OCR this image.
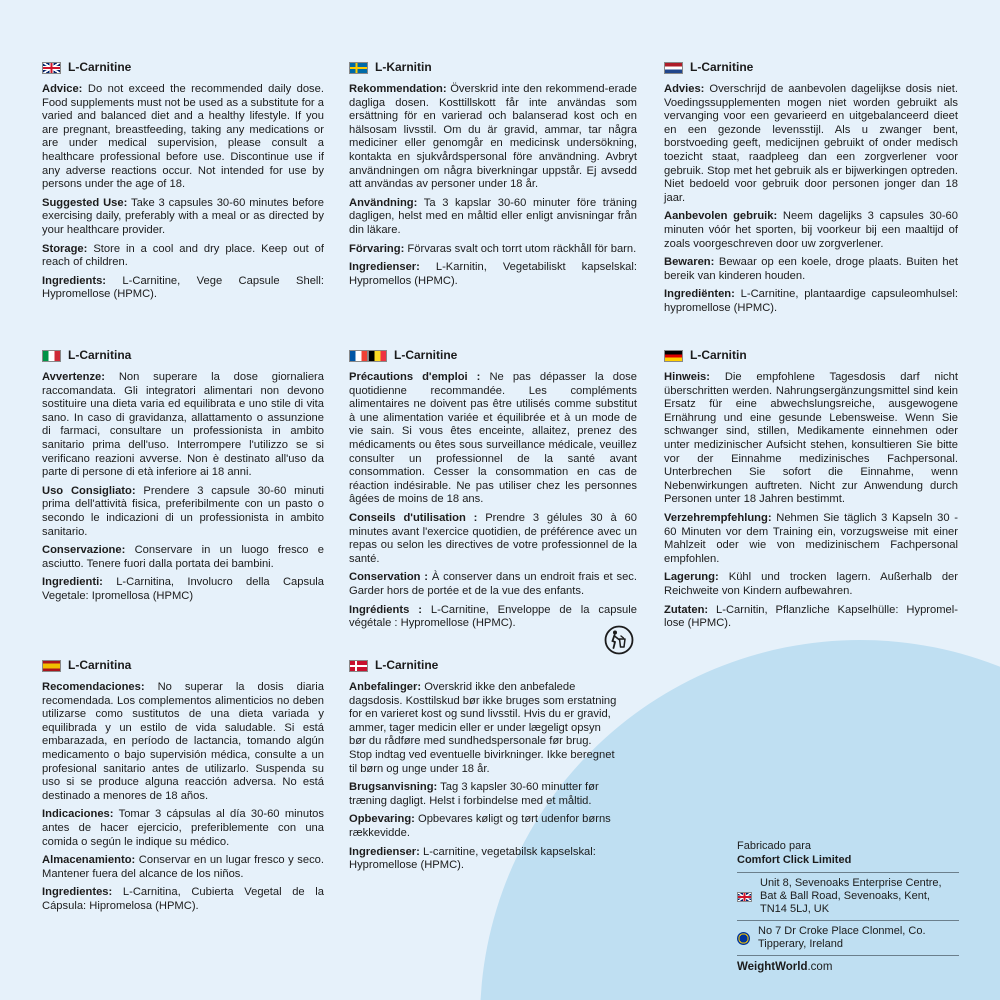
L-Carnitine

Advice: Do not exceed the recommended daily dose. Food supplements must not be used as a substitute for a varied and balanced diet and a healthy lifestyle. If you are pregnant, breastfeeding, taking any medications or are under medical supervision, please consult a healthcare professional before use. Discontinue use if any adverse reactions occur. Not intended for use by persons under the age of 18.

Suggested Use: Take 3 capsules 30-60 minutes before exercising daily, preferably with a meal or as directed by your healthcare provider.

Storage: Store in a cool and dry place. Keep out of reach of children.

Ingredients: L-Carnitine, Vege Capsule Shell: Hypromellose (HPMC).

L-Karnitin

Rekommendation: Överskrid inte den rekommend-erade dagliga dosen. Kosttillskott får inte användas som ersättning för en varierad och balanserad kost och en hälsosam livsstil. Om du är gravid, ammar, tar några mediciner eller genomgår en medicinsk undersökning, kontakta en sjukvårdspersonal före användning. Avbryt användningen om några biverkningar uppstår. Ej avsedd att användas av personer under 18 år.

Användning: Ta 3 kapslar 30-60 minuter före träning dagligen, helst med en måltid eller enligt anvisningar från din läkare.

Förvaring: Förvaras svalt och torrt utom räckhåll för barn.

Ingredienser: L-Karnitin, Vegetabiliskt kapselskal: Hypromellos (HPMC).

L-Carnitine

Advies: Overschrijd de aanbevolen dagelijkse dosis niet. Voedingssupplementen mogen niet worden gebruikt als vervanging voor een gevarieerd en uitgebalanceerd dieet en een gezonde levensstijl. Als u zwanger bent, borstvoeding geeft, medicijnen gebruikt of onder medisch toezicht staat, raadpleeg dan een zorgverlener voor gebruik. Stop met het gebruik als er bijwerkingen optreden. Niet bedoeld voor gebruik door personen jonger dan 18 jaar.

Aanbevolen gebruik: Neem dagelijks 3 capsules 30-60 minuten vóór het sporten, bij voorkeur bij een maaltijd of zoals voorgeschreven door uw zorgverlener.

Bewaren: Bewaar op een koele, droge plaats. Buiten het bereik van kinderen houden.

Ingrediënten: L-Carnitine, plantaardige capsuleomhulsel: hypromellose (HPMC).

L-Carnitina

Avvertenze: Non superare la dose giornaliera raccomandata. Gli integratori alimentari non devono sostituire una dieta varia ed equilibrata e uno stile di vita sano. In caso di gravidanza, allattamento o assunzione di farmaci, consultare un professionista in ambito sanitario prima dell'uso. Interrompere l'utilizzo se si verificano reazioni avverse. Non è destinato all'uso da parte di persone di età inferiore ai 18 anni.

Uso Consigliato: Prendere 3 capsule 30-60 minuti prima dell'attività fisica, preferibilmente con un pasto o secondo le indicazioni di un professionista in ambito sanitario.

Conservazione: Conservare in un luogo fresco e asciutto. Tenere fuori dalla portata dei bambini.

Ingredienti: L-Carnitina, Involucro della Capsula Vegetale: Ipromellosa (HPMC)

L-Carnitine

Précautions d'emploi : Ne pas dépasser la dose quotidienne recommandée. Les compléments alimentaires ne doivent pas être utilisés comme substitut à une alimentation variée et équilibrée et à un mode de vie sain. Si vous êtes enceinte, allaitez, prenez des médicaments ou êtes sous surveillance médicale, veuillez consulter un professionnel de la santé avant consommation. Cesser la consommation en cas de réaction indésirable. Ne pas utiliser chez les personnes âgées de moins de 18 ans.

Conseils d'utilisation : Prendre 3 gélules 30 à 60 minutes avant l'exercice quotidien, de préférence avec un repas ou selon les directives de votre professionnel de la santé.

Conservation : À conserver dans un endroit frais et sec. Garder hors de portée et de la vue des enfants.

Ingrédients : L-Carnitine, Enveloppe de la capsule végétale : Hypromellose (HPMC).

L-Carnitin

Hinweis: Die empfohlene Tagesdosis darf nicht überschritten werden. Nahrungsergänzungsmittel sind kein Ersatz für eine abwechslungsreiche, ausgewogene Ernährung und eine gesunde Lebensweise. Wenn Sie schwanger sind, stillen, Medikamente einnehmen oder unter medizinischer Aufsicht stehen, konsultieren Sie bitte vor der Einnahme medizinisches Fachpersonal. Unterbrechen Sie sofort die Einnahme, wenn Nebenwirkungen auftreten. Nicht zur Anwendung durch Personen unter 18 Jahren bestimmt.

Verzehrempfehlung: Nehmen Sie täglich 3 Kapseln 30 - 60 Minuten vor dem Training ein, vorzugsweise mit einer Mahlzeit oder wie von medizinischem Fachpersonal empfohlen.

Lagerung: Kühl und trocken lagern. Außerhalb der Reichweite von Kindern aufbewahren.

Zutaten: L-Carnitin, Pflanzliche Kapselhülle: Hypromel-lose (HPMC).

L-Carnitina

Recomendaciones: No superar la dosis diaria recomendada. Los complementos alimenticios no deben utilizarse como sustitutos de una dieta variada y equilibrada y un estilo de vida saludable. Si está embarazada, en período de lactancia, tomando algún medicamento o bajo supervisión médica, consulte a un profesional sanitario antes de utilizarlo. Suspenda su uso si se produce alguna reacción adversa. No está destinado a menores de 18 años.

Indicaciones: Tomar 3 cápsulas al día 30-60 minutos antes de hacer ejercicio, preferiblemente con una comida o según le indique su médico.

Almacenamiento: Conservar en un lugar fresco y seco. Mantener fuera del alcance de los niños.

Ingredientes: L-Carnitina, Cubierta Vegetal de la Cápsula: Hipromelosa (HPMC).

L-Carnitine

Anbefalinger: Overskrid ikke den anbefalede dagsdosis. Kosttilskud bør ikke bruges som erstatning for en varieret kost og sund livsstil. Hvis du er gravid, ammer, tager medicin eller er under lægeligt opsyn bør du rådføre med sundhedspersonale før brug. Stop indtag ved eventuelle bivirkninger. Ikke beregnet til børn og unge under 18 år.

Brugsanvisning: Tag 3 kapsler 30-60 minutter før træning dagligt. Helst i forbindelse med et måltid.

Opbevaring: Opbevares køligt og tørt udenfor børns rækkevidde.

Ingredienser: L-carnitine, vegetabilsk kapselskal: Hypromellose (HPMC).

Fabricado para
Comfort Click Limited
Unit 8, Sevenoaks Enterprise Centre, Bat & Ball Road, Sevenoaks, Kent, TN14 5LJ, UK
No 7 Dr Croke Place Clonmel, Co. Tipperary, Ireland
WeightWorld.com
